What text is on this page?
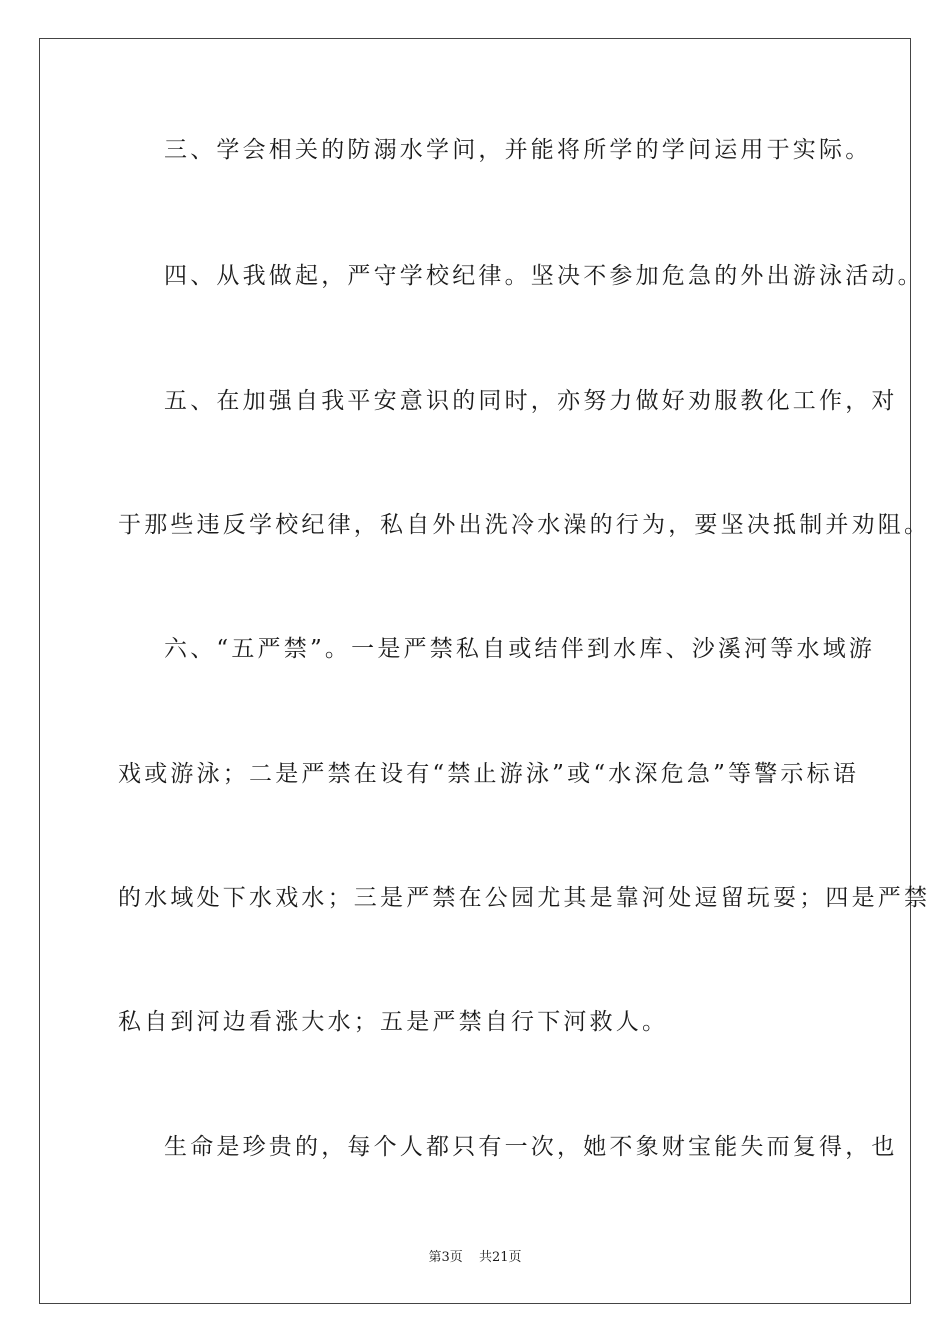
三、学会相关的防溺水学问，并能将所学的学问运用于实际。
四、从我做起，严守学校纪律。坚决不参加危急的外出游泳活动。
五、在加强自我平安意识的同时，亦努力做好劝服教化工作，对
于那些违反学校纪律，私自外出洗冷水澡的行为，要坚决抵制并劝阻。
六、“五严禁”。一是严禁私自或结伴到水库、沙溪河等水域游
戏或游泳；二是严禁在设有“禁止游泳”或“水深危急”等警示标语
的水域处下水戏水；三是严禁在公园尤其是靠河处逗留玩耍；四是严禁
私自到河边看涨大水；五是严禁自行下河救人。
生命是珍贵的，每个人都只有一次，她不象财宝能失而复得，也
第3页 共21页
